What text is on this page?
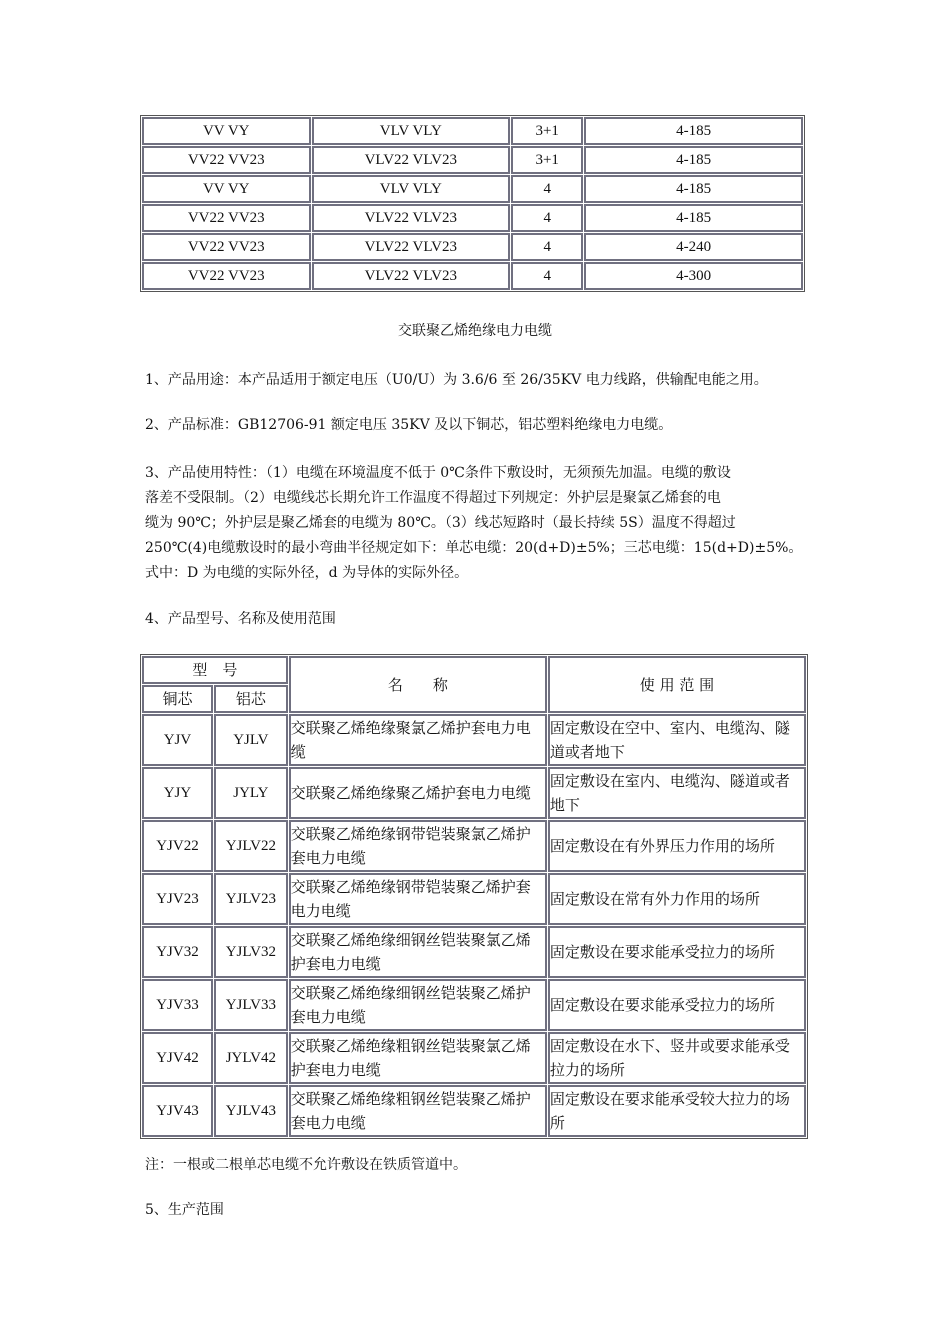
VV VY	VLV VLY	3+1	4-185
VV22 VV23	VLV22 VLV23	3+1	4-185
VV VY	VLV VLY	4	4-185
VV22 VV23	VLV22 VLV23	4	4-185
VV22 VV23	VLV22 VLV23	4	4-240
VV22 VV23	VLV22 VLV23	4	4-300
交联聚乙烯绝缘电力电缆
1、产品用途：本产品适用于额定电压（U0/U）为 3.6/6 至 26/35KV 电力线路，供输配电能之用。
2、产品标准：GB12706-91 额定电压 35KV 及以下铜芯，铝芯塑料绝缘电力电缆。
3、产品使用特性：（1）电缆在环境温度不低于 0℃条件下敷设时，无须预先加温。电缆的敷设
落差不受限制。（2）电缆线芯长期允许工作温度不得超过下列规定：外护层是聚氯乙烯套的电
缆为 90℃；外护层是聚乙烯套的电缆为 80℃。（3）线芯短路时（最长持续 5S）温度不得超过
250℃(4)电缆敷设时的最小弯曲半径规定如下：单芯电缆：20(d+D)±5%；三芯电缆：15(d+D)±5%。
式中：D 为电缆的实际外径，d 为导体的实际外径。
4、产品型号、名称及使用范围
型　号		名　　称	使 用 范 围
铜芯	铝芯		
YJV	YJLV	交联聚乙烯绝缘聚氯乙烯护套电力电缆	固定敷设在空中、室内、电缆沟、隧道或者地下
YJY	JYLY	交联聚乙烯绝缘聚乙烯护套电力电缆	固定敷设在室内、电缆沟、隧道或者地下
YJV22	YJLV22	交联聚乙烯绝缘钢带铠装聚氯乙烯护套电力电缆	固定敷设在有外界压力作用的场所
YJV23	YJLV23	交联聚乙烯绝缘钢带铠装聚乙烯护套电力电缆	固定敷设在常有外力作用的场所
YJV32	YJLV32	交联聚乙烯绝缘细钢丝铠装聚氯乙烯护套电力电缆	固定敷设在要求能承受拉力的场所
YJV33	YJLV33	交联聚乙烯绝缘细钢丝铠装聚乙烯护套电力电缆	固定敷设在要求能承受拉力的场所
YJV42	JYLV42	交联聚乙烯绝缘粗钢丝铠装聚氯乙烯护套电力电缆	固定敷设在水下、竖井或要求能承受拉力的场所
YJV43	YJLV43	交联聚乙烯绝缘粗钢丝铠装聚乙烯护套电力电缆	固定敷设在要求能承受较大拉力的场所
注：一根或二根单芯电缆不允许敷设在铁质管道中。
5、生产范围
